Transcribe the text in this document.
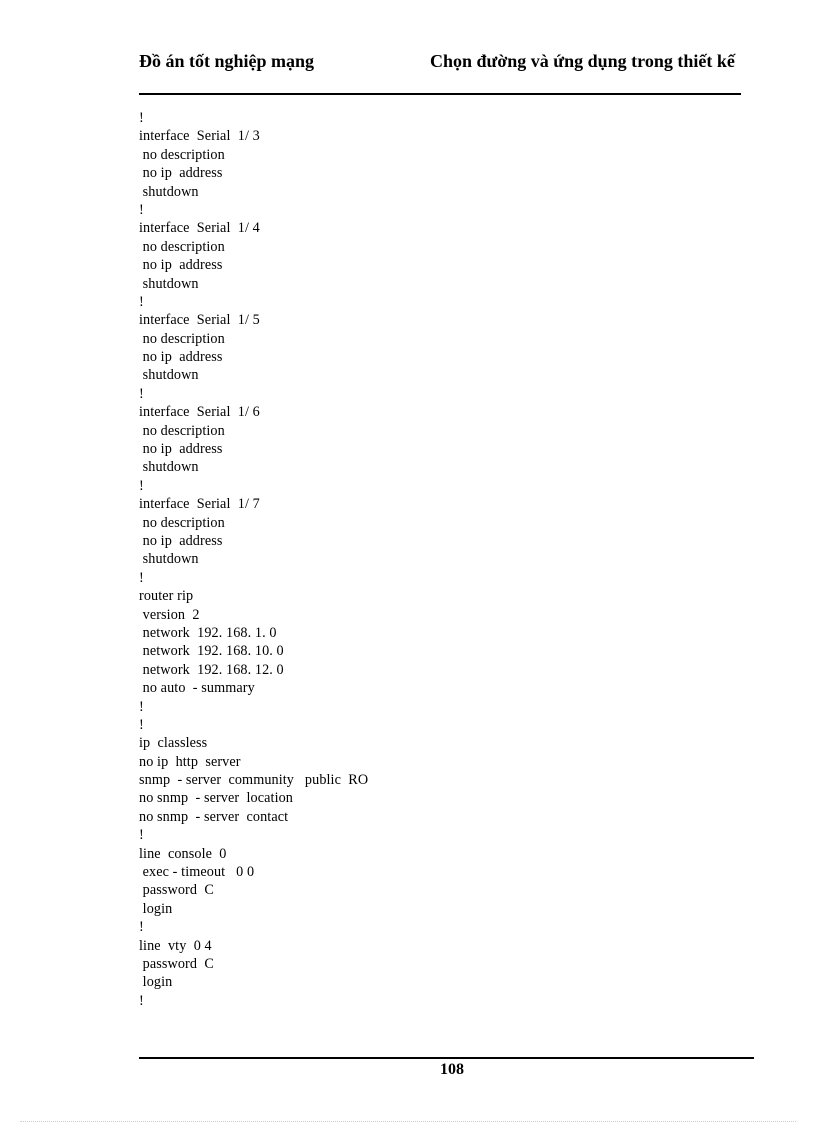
Đồ án tốt nghiệp mạng	Chọn đường và ứng dụng trong thiết kế
!
interface  Serial  1/ 3
no description
no ip  address
shutdown
!
interface  Serial  1/ 4
no description
no ip  address
shutdown
!
interface  Serial  1/ 5
no description
no ip  address
shutdown
!
interface  Serial  1/ 6
no description
no ip  address
shutdown
!
interface  Serial  1/ 7
no description
no ip  address
shutdown
!
router rip
version  2
network  192. 168. 1. 0
network  192. 168. 10. 0
network  192. 168. 12. 0
no auto  - summary
!
!
ip  classless
no ip  http  server
snmp  - server  community   public  RO
no snmp  - server  location
no snmp  - server  contact
!
line  console  0
exec - timeout   0 0
password  C
login
!
line  vty  0 4
password  C
login
!
108
